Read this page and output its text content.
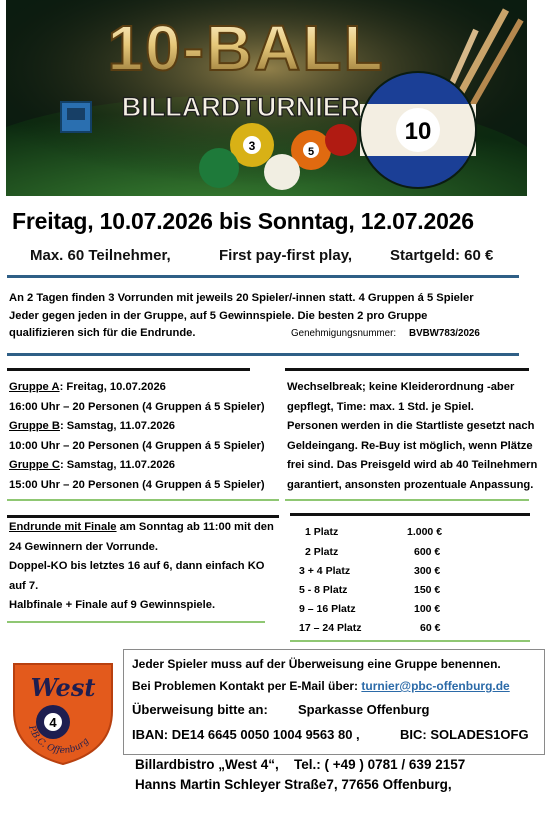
3	5
10
10-BALL
BILLARDTURNIER
Freitag, 10.07.2026 bis Sonntag, 12.07.2026
Max. 60 Teilnehmer,	First pay-first play,	Startgeld: 60 €
An 2 Tagen finden 3 Vorrunden mit jeweils 20 Spieler/-innen statt. 4 Gruppen á 5 Spieler
Jeder gegen jeden in der Gruppe, auf 5 Gewinnspiele. Die besten 2 pro Gruppe
qualifizieren sich für die Endrunde.	Genehmigungsnummer: BVBW783/2026
Gruppe A: Freitag, 10.07.2026
16:00 Uhr – 20 Personen (4 Gruppen á 5 Spieler)
Gruppe B: Samstag, 11.07.2026
10:00 Uhr – 20 Personen (4 Gruppen á 5 Spieler)
Gruppe C: Samstag, 11.07.2026
15:00 Uhr – 20 Personen (4 Gruppen á 5 Spieler)
Wechselbreak; keine Kleiderordnung -aber
gepflegt, Time: max. 1 Std. je Spiel.
Personen werden in die Startliste gesetzt nach
Geldeingang. Re-Buy ist möglich, wenn Plätze
frei sind. Das Preisgeld wird ab 40 Teilnehmern
garantiert, ansonsten prozentuale Anpassung.
Endrunde mit Finale am Sonntag ab 11:00 mit den
24 Gewinnern der Vorrunde.
Doppel-KO bis letztes 16 auf 6, dann einfach KO
auf 7.
Halbfinale + Finale auf 9 Gewinnspiele.
1 Platz	1.000 €
2 Platz	600 €
3 + 4 Platz	300 €
5 - 8 Platz	150 €
9 – 16 Platz	100 €
17 – 24 Platz	60 €
West
4
P.B.C. Offenburg
Jeder Spieler muss auf der Überweisung eine Gruppe benennen.
Bei Problemen Kontakt per E-Mail über: turnier@pbc-offenburg.de
Überweisung bitte an: Sparkasse Offenburg
IBAN: DE14 6645 0050 1004 9563 80 ,	BIC: SOLADES1OFG
Billardbistro „West 4“, Tel.: ( +49 ) 0781 / 639 2157
Hanns Martin Schleyer Straße7, 77656 Offenburg,
